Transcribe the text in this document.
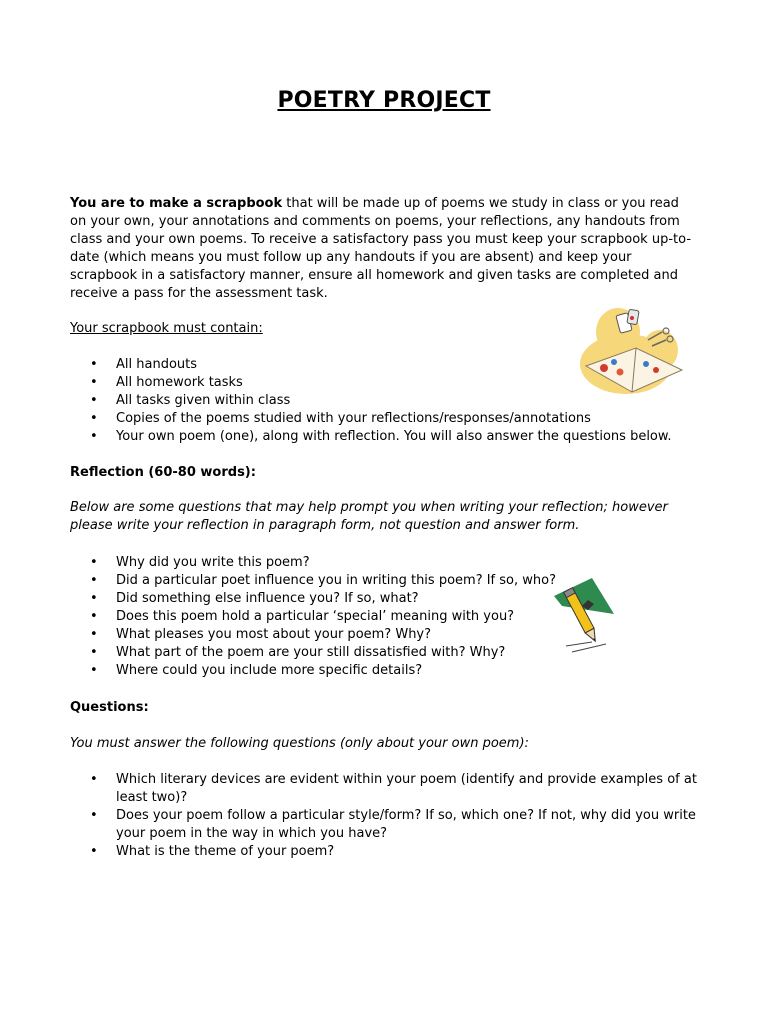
POETRY PROJECT

You are to make a scrapbook that will be made up of poems we study in class or you read on your own, your annotations and comments on poems, your reflections, any handouts from class and your own poems. To receive a satisfactory pass you must keep your scrapbook up-to-date (which means you must follow up any handouts if you are absent) and keep your scrapbook in a satisfactory manner, ensure all homework and given tasks are completed and receive a pass for the assessment task.

Your scrapbook must contain:

• All handouts
• All homework tasks
• All tasks given within class
• Copies of the poems studied with your reflections/responses/annotations
• Your own poem (one), along with reflection. You will also answer the questions below.

Reflection (60-80 words):

Below are some questions that may help prompt you when writing your reflection; however please write your reflection in paragraph form, not question and answer form.

• Why did you write this poem?
• Did a particular poet influence you in writing this poem? If so, who?
• Did something else influence you? If so, what?
• Does this poem hold a particular ‘special’ meaning with you?
• What pleases you most about your poem? Why?
• What part of the poem are your still dissatisfied with? Why?
• Where could you include more specific details?

Questions:

You must answer the following questions (only about your own poem):

• Which literary devices are evident within your poem (identify and provide examples of at least two)?
• Does your poem follow a particular style/form? If so, which one? If not, why did you write your poem in the way in which you have?
• What is the theme of your poem?
